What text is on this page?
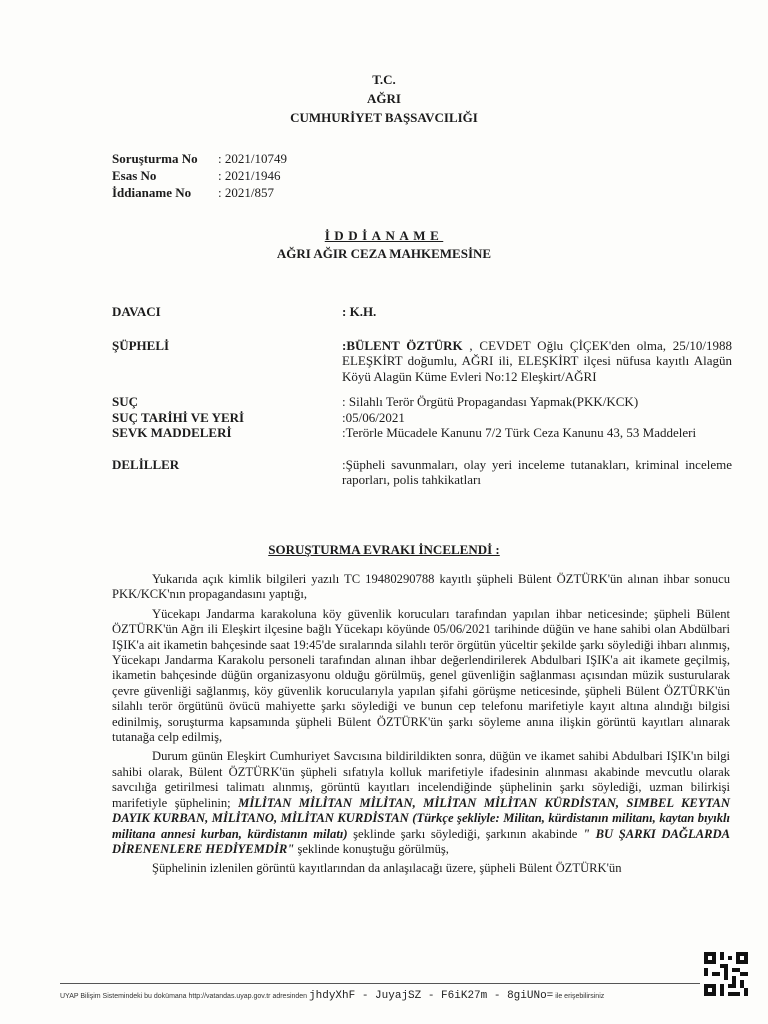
T.C.
AĞRI
CUMHURİYET BAŞSAVCILIĞI
Soruşturma No	: 2021/10749
Esas No	: 2021/1946
İddianame No	: 2021/857
İDDİANAME
AĞRI AĞIR CEZA MAHKEMESİNE
DAVACI	: K.H.
ŞÜPHELİ	:BÜLENT ÖZTÜRK , CEVDET Oğlu ÇİÇEK'den olma, 25/10/1988 ELEŞKİRT doğumlu, AĞRI ili, ELEŞKİRT ilçesi nüfusa kayıtlı Alagün Köyü Alagün Küme Evleri No:12 Eleşkirt/AĞRI
SUÇ	: Silahlı Terör Örgütü Propagandası Yapmak(PKK/KCK)
SUÇ TARİHİ VE YERİ	:05/06/2021
SEVK MADDELERİ	:Terörle Mücadele Kanunu 7/2 Türk Ceza Kanunu 43, 53 Maddeleri
DELİLLER	:Şüpheli savunmaları, olay yeri inceleme tutanakları, kriminal inceleme raporları, polis tahkikatları
SORUŞTURMA EVRAKI İNCELENDİ :

Yukarıda açık kimlik bilgileri yazılı TC 19480290788 kayıtlı şüpheli Bülent ÖZTÜRK'ün alınan ihbar sonucu PKK/KCK'nın propagandasını yaptığı,

Yücekapı Jandarma karakoluna köy güvenlik korucuları tarafından yapılan ihbar neticesinde; şüpheli Bülent ÖZTÜRK'ün Ağrı ili Eleşkirt ilçesine bağlı Yücekapı köyünde 05/06/2021 tarihinde düğün ve hane sahibi olan Abdülbari IŞIK'a ait ikametin bahçesinde saat 19:45'de sıralarında silahlı terör örgütün yüceltir şekilde şarkı söylediği ihbarı alınmış, Yücekapı Jandarma Karakolu personeli tarafından alınan ihbar değerlendirilerek Abdulbari IŞIK'a ait ikamete geçilmiş, ikametin bahçesinde düğün organizasyonu olduğu görülmüş, genel güvenliğin sağlanması açısından müzik susturularak çevre güvenliği sağlanmış, köy güvenlik korucularıyla yapılan şifahi görüşme neticesinde, şüpheli Bülent ÖZTÜRK'ün silahlı terör örgütünü övücü mahiyette şarkı söylediği ve bunun cep telefonu marifetiyle kayıt altına alındığı bilgisi edinilmiş, soruşturma kapsamında şüpheli Bülent ÖZTÜRK'ün şarkı söyleme anına ilişkin görüntü kayıtları alınarak tutanağa celp edilmiş,

Durum günün Eleşkirt Cumhuriyet Savcısına bildirildikten sonra, düğün ve ikamet sahibi Abdulbari IŞIK'ın bilgi sahibi olarak, Bülent ÖZTÜRK'ün şüpheli sıfatıyla kolluk marifetiyle ifadesinin alınması akabinde mevcutlu olarak savcılığa getirilmesi talimatı alınmış, görüntü kayıtları incelendiğinde şüphelinin şarkı söylediği, uzman bilirkişi marifetiyle şüphelinin; MİLİTAN MİLİTAN MİLİTAN, MİLİTAN MİLİTAN KÜRDİSTAN, SIMBEL KEYTAN DAYIK KURBAN, MİLİTANO, MİLİTAN KURDİSTAN (Türkçe şekliyle: Militan, kürdistanın militanı, kaytan bıyıklı militana annesi kurban, kürdistanın milatı) şeklinde şarkı söylediği, şarkının akabinde " BU ŞARKI DAĞLARDA DİRENENLERE HEDİYEMDİR" şeklinde konuştuğu görülmüş,

Şüphelinin izlenilen görüntü kayıtlarından da anlaşılacağı üzere, şüpheli Bülent ÖZTÜRK'ün

UYAP Bilişim Sistemindeki bu dokümana http://vatandas.uyap.gov.tr adresinden jhdyXhF - JuyajSZ - F6iK27m - 8giUNo= ile erişebilirsiniz
